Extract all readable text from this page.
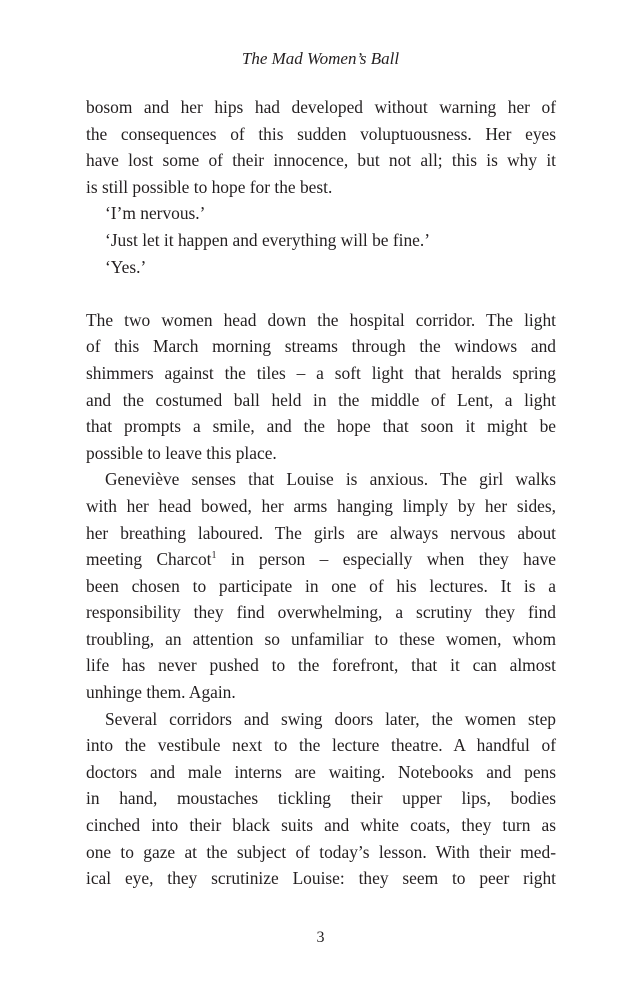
The Mad Women’s Ball

bosom and her hips had developed without warning her of
the consequences of this sudden voluptuousness. Her eyes
have lost some of their innocence, but not all; this is why it
is still possible to hope for the best.

‘I’m nervous.’

‘Just let it happen and everything will be fine.’

‘Yes.’

The two women head down the hospital corridor. The light
of this March morning streams through the windows and
shimmers against the tiles – a soft light that heralds spring
and the costumed ball held in the middle of Lent, a light
that prompts a smile, and the hope that soon it might be
possible to leave this place.

Geneviève senses that Louise is anxious. The girl walks
with her head bowed, her arms hanging limply by her sides,
her breathing laboured. The girls are always nervous about
meeting Charcot$^1$ in person – especially when they have
been chosen to participate in one of his lectures. It is a
responsibility they find overwhelming, a scrutiny they find
troubling, an attention so unfamiliar to these women, whom
life has never pushed to the forefront, that it can almost
unhinge them. Again.

Several corridors and swing doors later, the women step
into the vestibule next to the lecture theatre. A handful of
doctors and male interns are waiting. Notebooks and pens
in hand, moustaches tickling their upper lips, bodies
cinched into their black suits and white coats, they turn as
one to gaze at the subject of today’s lesson. With their med-
ical eye, they scrutinize Louise: they seem to peer right

3
